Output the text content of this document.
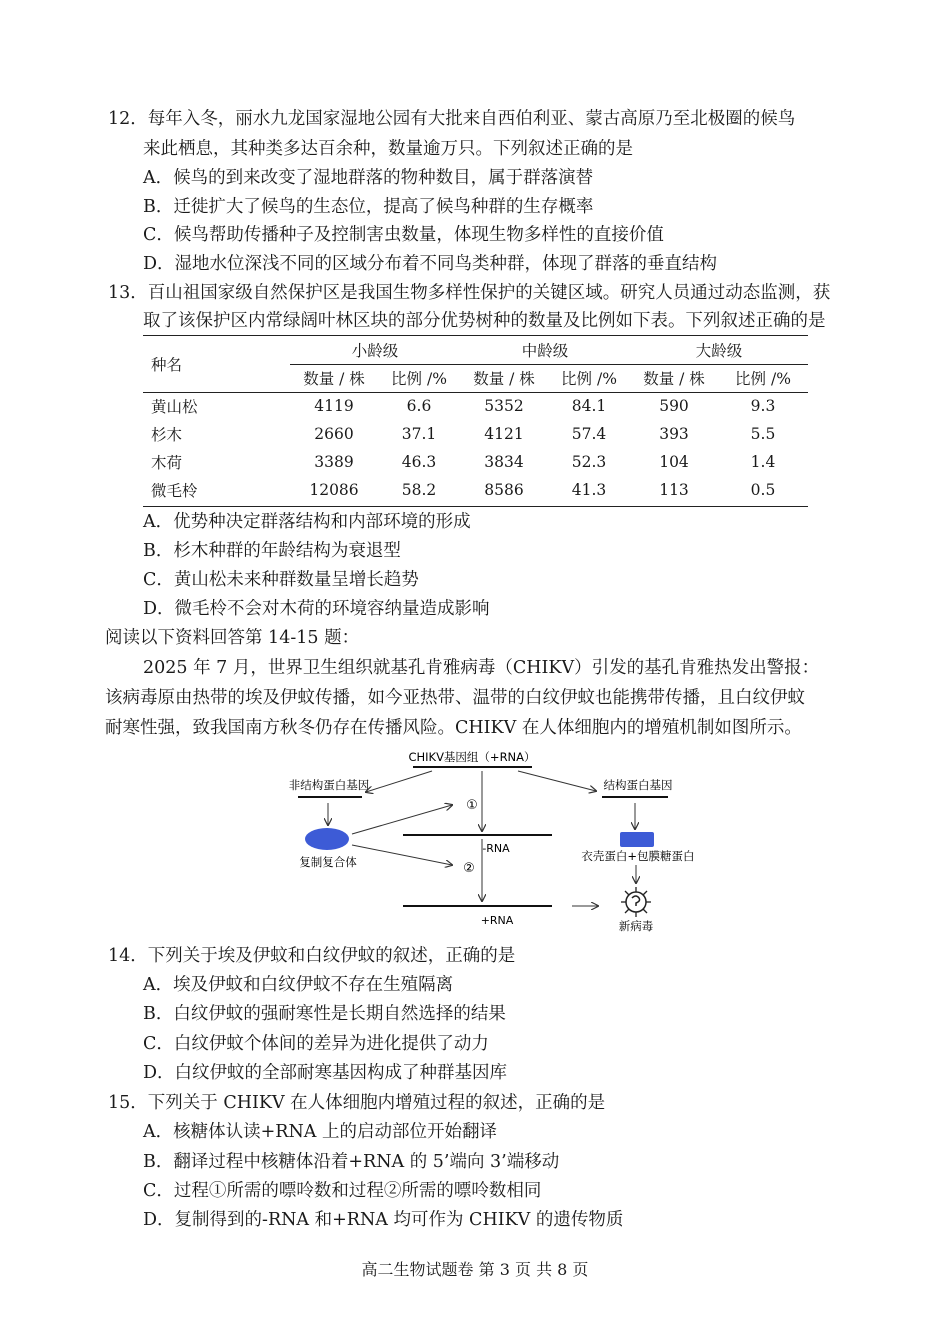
12．每年入冬，丽水九龙国家湿地公园有大批来自西伯利亚、蒙古高原乃至北极圈的候鸟
来此栖息，其种类多达百余种，数量逾万只。下列叙述正确的是
A．候鸟的到来改变了湿地群落的物种数目，属于群落演替
B．迁徙扩大了候鸟的生态位，提高了候鸟种群的生存概率
C．候鸟帮助传播种子及控制害虫数量，体现生物多样性的直接价值
D．湿地水位深浅不同的区域分布着不同鸟类种群，体现了群落的垂直结构
13．百山祖国家级自然保护区是我国生物多样性保护的关键区域。研究人员通过动态监测，获
取了该保护区内常绿阔叶林区块的部分优势树种的数量及比例如下表。下列叙述正确的是
种名	小龄级		中龄级		大龄级	
	数量 / 株	比例 /%	数量 / 株	比例 /%	数量 / 株	比例 /%
黄山松	4119	6.6	5352	84.1	590	9.3
杉木	2660	37.1	4121	57.4	393	5.5
木荷	3389	46.3	3834	52.3	104	1.4
微毛柃	12086	58.2	8586	41.3	113	0.5
A．优势种决定群落结构和内部环境的形成
B．杉木种群的年龄结构为衰退型
C．黄山松未来种群数量呈增长趋势
D．微毛柃不会对木荷的环境容纳量造成影响
阅读以下资料回答第 14-15 题：
2025 年 7 月，世界卫生组织就基孔肯雅病毒（CHIKV）引发的基孔肯雅热发出警报：
该病毒原由热带的埃及伊蚊传播，如今亚热带、温带的白纹伊蚊也能携带传播，且白纹伊蚊
耐寒性强，致我国南方秋冬仍存在传播风险。CHIKV 在人体细胞内的增殖机制如图所示。
CHIKV基因组（+RNA）
非结构蛋白基因	结构蛋白基因
复制复合体
①
-RNA
②
+RNA
衣壳蛋白+包膜糖蛋白
新病毒
14．下列关于埃及伊蚊和白纹伊蚊的叙述，正确的是
A．埃及伊蚊和白纹伊蚊不存在生殖隔离
B．白纹伊蚊的强耐寒性是长期自然选择的结果
C．白纹伊蚊个体间的差异为进化提供了动力
D．白纹伊蚊的全部耐寒基因构成了种群基因库
15．下列关于 CHIKV 在人体细胞内增殖过程的叙述，正确的是
A．核糖体认读+RNA 上的启动部位开始翻译
B．翻译过程中核糖体沿着+RNA 的 5’端向 3’端移动
C．过程①所需的嘌呤数和过程②所需的嘌呤数相同
D．复制得到的-RNA 和+RNA 均可作为 CHIKV 的遗传物质
高二生物试题卷 第 3 页 共 8 页
